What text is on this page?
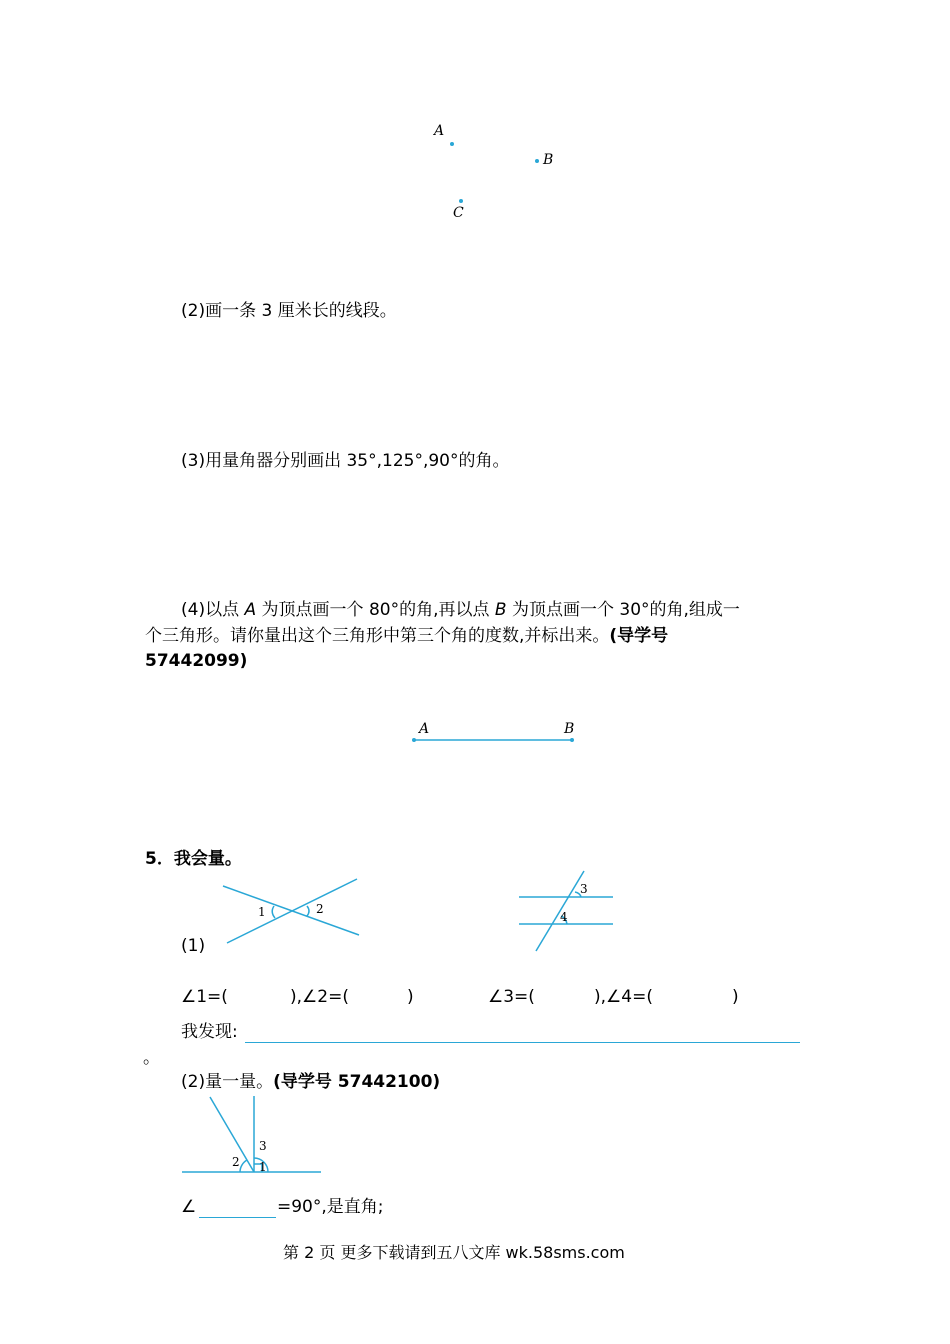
A
B
C
(2)画一条 3 厘米长的线段。
(3)用量角器分别画出 35°,125°,90°的角。
(4)以点 A 为顶点画一个 80°的角,再以点 B 为顶点画一个 30°的角,组成一
个三角形。请你量出这个三角形中第三个角的度数,并标出来。(导学号
57442099)
A	B
5．我会量。
1	2
3
4
(1)
∠1=(	),∠2=(	)	∠3=(	),∠4=(	)
我发现:
。
(2)量一量。(导学号 57442100)
2 1
3
∠	=90°,是直角;
第 2 页 更多下载请到五八文库 wk.58sms.com
